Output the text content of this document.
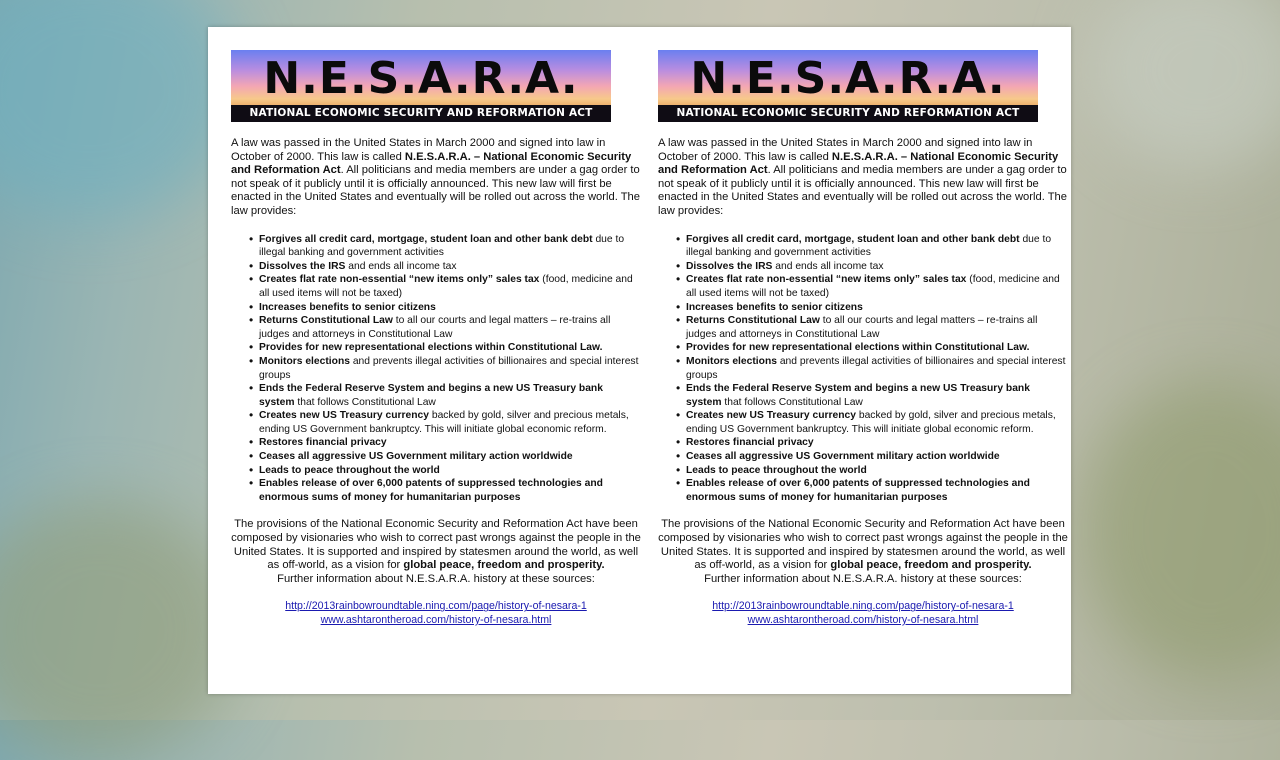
N.E.S.A.R.A.
NATIONAL ECONOMIC SECURITY AND REFORMATION ACT
A law was passed in the United States in March 2000 and signed into law in October of 2000. This law is called N.E.S.A.R.A. – National Economic Security and Reformation Act. All politicians and media members are under a gag order to not speak of it publicly until it is officially announced. This new law will first be enacted in the United States and eventually will be rolled out across the world. The law provides:
• Forgives all credit card, mortgage, student loan and other bank debt due to illegal banking and government activities
• Dissolves the IRS and ends all income tax
• Creates flat rate non-essential “new items only” sales tax (food, medicine and all used items will not be taxed)
• Increases benefits to senior citizens
• Returns Constitutional Law to all our courts and legal matters – re-trains all judges and attorneys in Constitutional Law
• Provides for new representational elections within Constitutional Law.
• Monitors elections and prevents illegal activities of billionaires and special interest groups
• Ends the Federal Reserve System and begins a new US Treasury bank system that follows Constitutional Law
• Creates new US Treasury currency backed by gold, silver and precious metals, ending US Government bankruptcy. This will initiate global economic reform.
• Restores financial privacy
• Ceases all aggressive US Government military action worldwide
• Leads to peace throughout the world
• Enables release of over 6,000 patents of suppressed technologies and enormous sums of money for humanitarian purposes
The provisions of the National Economic Security and Reformation Act have been composed by visionaries who wish to correct past wrongs against the people in the United States. It is supported and inspired by statesmen around the world, as well as off-world, as a vision for global peace, freedom and prosperity.
Further information about N.E.S.A.R.A. history at these sources:
http://2013rainbowroundtable.ning.com/page/history-of-nesara-1
www.ashtarontheroad.com/history-of-nesara.html
N.E.S.A.R.A.
NATIONAL ECONOMIC SECURITY AND REFORMATION ACT
A law was passed in the United States in March 2000 and signed into law in October of 2000. This law is called N.E.S.A.R.A. – National Economic Security and Reformation Act. All politicians and media members are under a gag order to not speak of it publicly until it is officially announced. This new law will first be enacted in the United States and eventually will be rolled out across the world. The law provides:
• Forgives all credit card, mortgage, student loan and other bank debt due to illegal banking and government activities
• Dissolves the IRS and ends all income tax
• Creates flat rate non-essential “new items only” sales tax (food, medicine and all used items will not be taxed)
• Increases benefits to senior citizens
• Returns Constitutional Law to all our courts and legal matters – re-trains all judges and attorneys in Constitutional Law
• Provides for new representational elections within Constitutional Law.
• Monitors elections and prevents illegal activities of billionaires and special interest groups
• Ends the Federal Reserve System and begins a new US Treasury bank system that follows Constitutional Law
• Creates new US Treasury currency backed by gold, silver and precious metals, ending US Government bankruptcy. This will initiate global economic reform.
• Restores financial privacy
• Ceases all aggressive US Government military action worldwide
• Leads to peace throughout the world
• Enables release of over 6,000 patents of suppressed technologies and enormous sums of money for humanitarian purposes
The provisions of the National Economic Security and Reformation Act have been composed by visionaries who wish to correct past wrongs against the people in the United States. It is supported and inspired by statesmen around the world, as well as off-world, as a vision for global peace, freedom and prosperity.
Further information about N.E.S.A.R.A. history at these sources:
http://2013rainbowroundtable.ning.com/page/history-of-nesara-1
www.ashtarontheroad.com/history-of-nesara.html
